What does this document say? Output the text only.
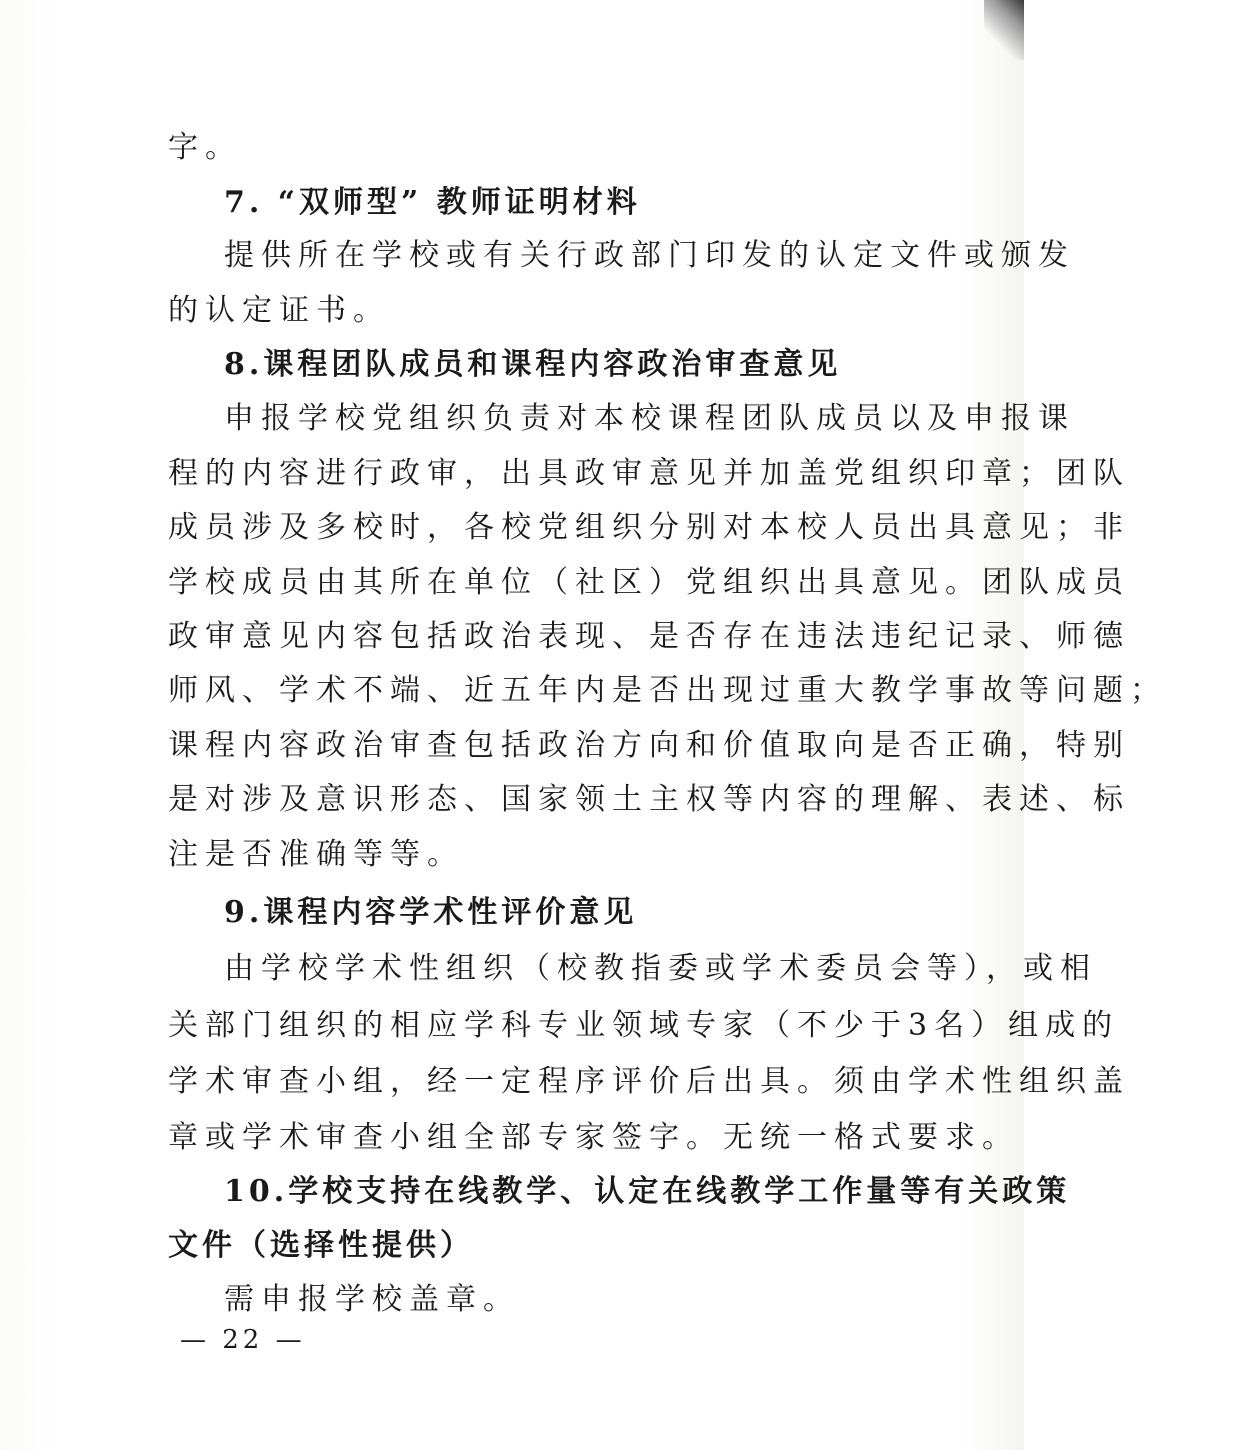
字。
7. “双师型” 教师证明材料
提供所在学校或有关行政部门印发的认定文件或颁发
的认定证书。
8.课程团队成员和课程内容政治审查意见
申报学校党组织负责对本校课程团队成员以及申报课
程的内容进行政审，出具政审意见并加盖党组织印章；团队
成员涉及多校时，各校党组织分别对本校人员出具意见；非
学校成员由其所在单位（社区）党组织出具意见。团队成员
政审意见内容包括政治表现、是否存在违法违纪记录、师德
师风、学术不端、近五年内是否出现过重大教学事故等问题；
课程内容政治审查包括政治方向和价值取向是否正确，特别
是对涉及意识形态、国家领土主权等内容的理解、表述、标
注是否准确等等。
9.课程内容学术性评价意见
由学校学术性组织（校教指委或学术委员会等），或相
关部门组织的相应学科专业领域专家（不少于3名）组成的
学术审查小组，经一定程序评价后出具。须由学术性组织盖
章或学术审查小组全部专家签字。无统一格式要求。
10.学校支持在线教学、认定在线教学工作量等有关政策
文件（选择性提供）
需申报学校盖章。
— 22 —
